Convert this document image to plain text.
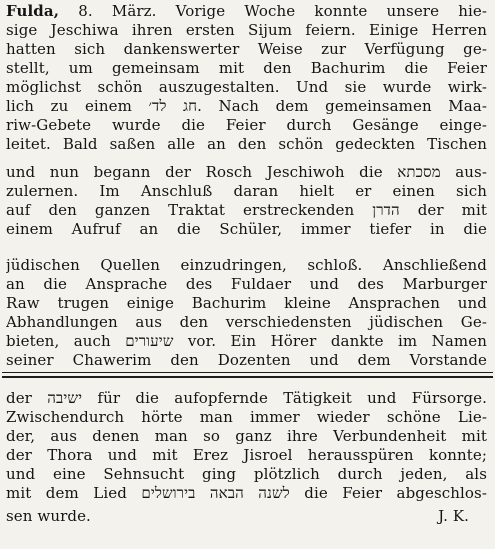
Fulda, 8. März. Vorige Woche konnte unsere hie-
sige Jeschiwa ihren ersten Sijum feiern. Einige Herren
hatten sich dankenswerter Weise zur Verfügung ge-
stellt, um gemeinsam mit den Bachurim die Feier
möglichst schön auszugestalten. Und sie wurde wirk-
lich zu einem חג לד׳. Nach dem gemeinsamen Maa-
riw-Gebete wurde die Feier durch Gesänge einge-
leitet. Bald saßen alle an den schön gedeckten Tischen
und nun begann der Rosch Jeschiwoh die מסכתא aus-
zulernen. Im Anschluß daran hielt er einen sich
auf den ganzen Traktat erstreckenden הדרן der mit
einem Aufruf an die Schüler, immer tiefer in die
jüdischen Quellen einzudringen, schloß. Anschließend
an die Ansprache des Fuldaer und des Marburger
Raw trugen einige Bachurim kleine Ansprachen und
Abhandlungen aus den verschiedensten jüdischen Ge-
bieten, auch שיעורים vor. Ein Hörer dankte im Namen
seiner Chawerim den Dozenten und dem Vorstande
der ישיבה für die aufopfernde Tätigkeit und Fürsorge.
Zwischendurch hörte man immer wieder schöne Lie-
der, aus denen man so ganz ihre Verbundenheit mit
der Thora und mit Erez Jisroel herausspüren konnte;
und eine Sehnsucht ging plötzlich durch jeden, als
mit dem Lied לשנה הבאה בירושלים die Feier abgeschlos-
sen wurde.	J. K.
